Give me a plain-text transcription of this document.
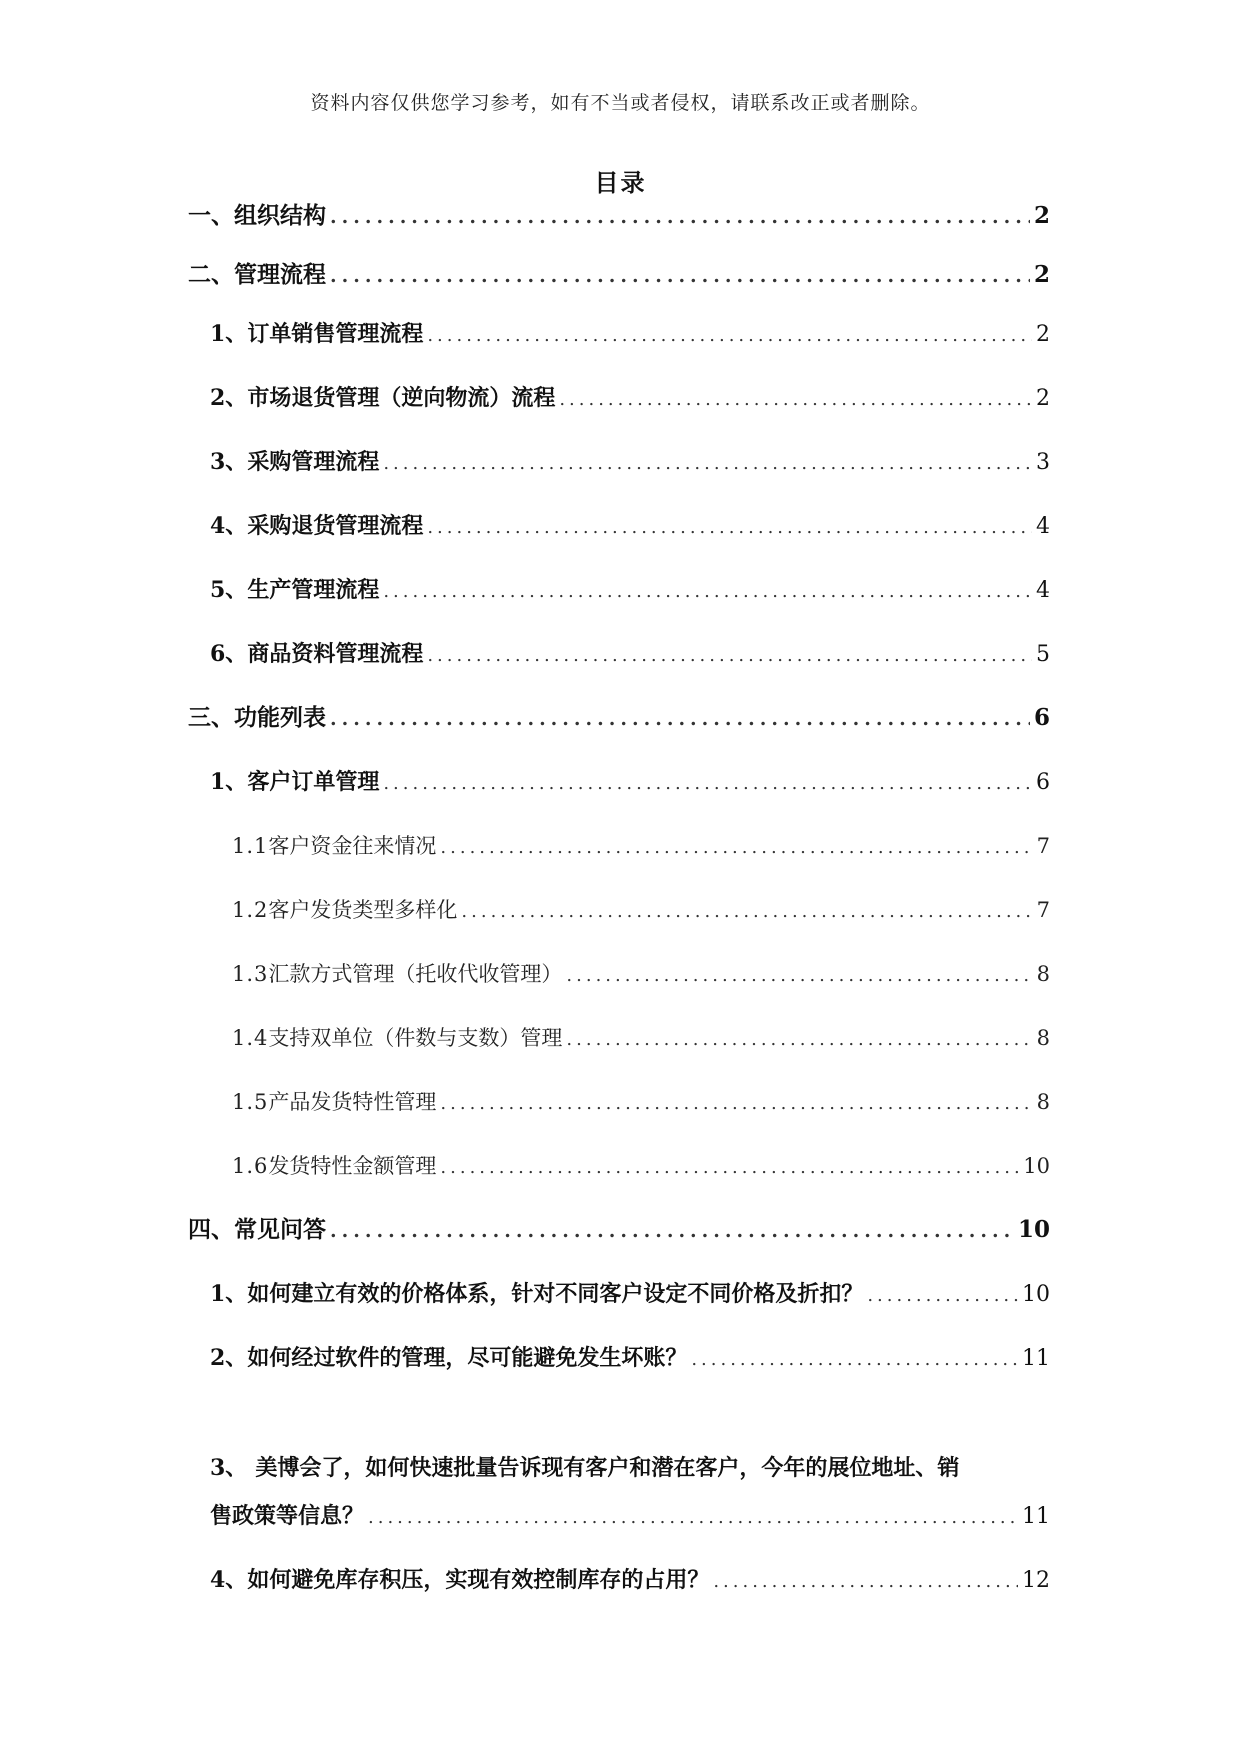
资料内容仅供您学习参考，如有不当或者侵权，请联系改正或者删除。
目录
一、 组织结构 .....	2
二、 管理流程 .....	2
1、 订单销售管理流程 .....	2
2、 市场退货管理（逆向物流）流程 .....	2
3、 采购管理流程 .....	3
4、 采购退货管理流程 .....	4
5、 生产管理流程 .....	4
6、 商品资料管理流程 .....	5
三、 功能列表 .....	6
1、 客户订单管理 .....	6
1.1 客户资金往来情况 .....	7
1.2 客户发货类型多样化 .....	7
1.3 汇款方式管理（托收代收管理） .....	8
1.4 支持双单位（件数与支数）管理 .....	8
1.5 产品发货特性管理 .....	8
1.6 发货特性金额管理 .....	10
四、 常见问答 .....	10
1、 如何建立有效的价格体系，针对不同客户设定不同价格及折扣？ .....	10
2、 如何经过软件的管理，尽可能避免发生坏账？ .....	11
3、 美博会了，如何快速批量告诉现有客户和潜在客户，今年的展位地址、销
售政策等信息？ .....	11
4、 如何避免库存积压，实现有效控制库存的占用？ .....	12
